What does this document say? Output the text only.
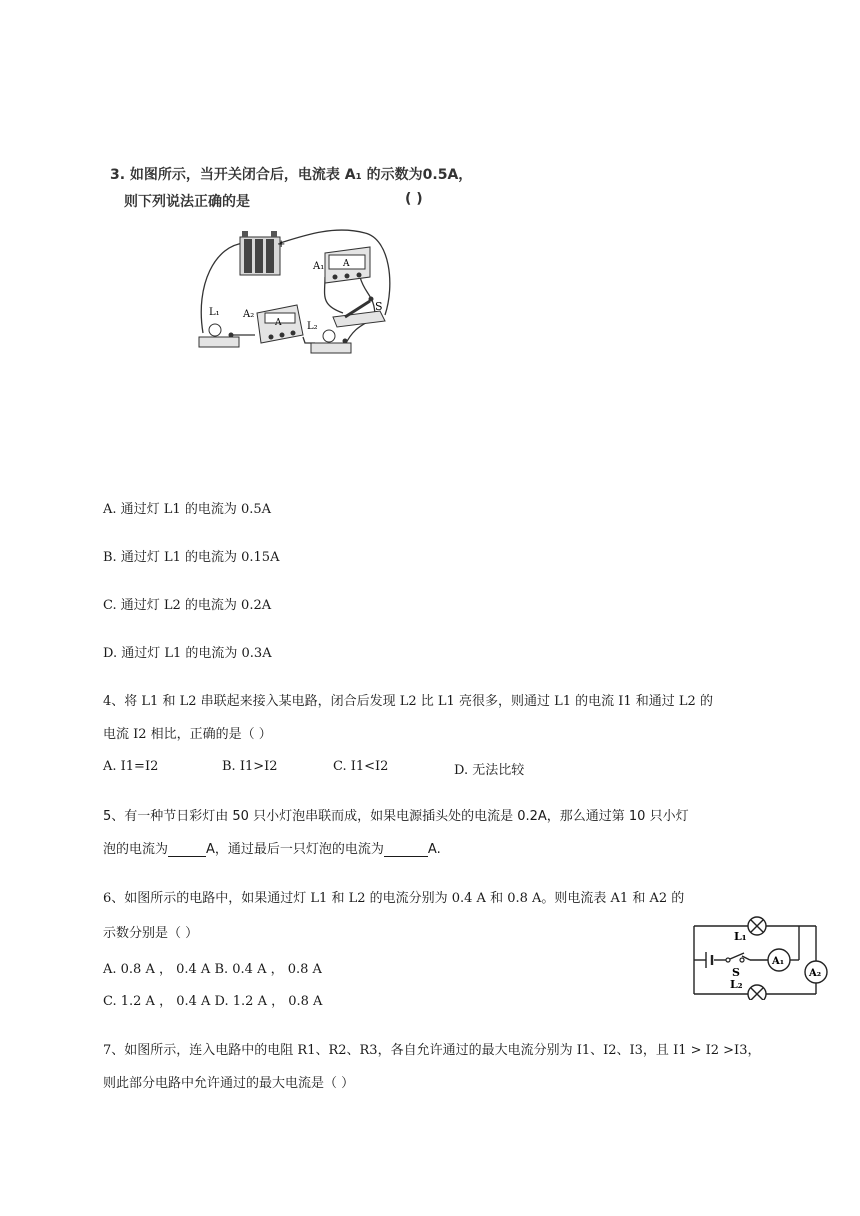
3. 如图所示，当开关闭合后，电流表 A₁ 的示数为0.5A，
则下列说法正确的是	( )
+
A₁ A
S
A₂
A
L₁
L₂
A. 通过灯 L1 的电流为 0.5A
B. 通过灯 L1 的电流为 0.15A
C. 通过灯 L2 的电流为 0.2A
D. 通过灯 L1 的电流为 0.3A
4、将 L1 和 L2 串联起来接入某电路，闭合后发现 L2 比 L1 亮很多，则通过 L1 的电流 I1 和通过 L2 的
电流 I2 相比，正确的是（ ）
A. I1=I2	B. I1>I2	C. I1<I2	D. 无法比较
5、有一种节日彩灯由 50 只小灯泡串联而成，如果电源插头处的电流是 0.2A，那么通过第 10 只小灯
泡的电流为	A，通过最后一只灯泡的电流为	A.
6、如图所示的电路中，如果通过灯 L1 和 L2 的电流分别为 0.4 A 和 0.8 A。则电流表 A1 和 A2 的
示数分别是（ ）
A. 0.8 A ， 0.4 A B. 0.4 A ， 0.8 A
C. 1.2 A ， 0.4 A D. 1.2 A ， 0.8 A
S
L₁
L₂
A₁
A₂
7、如图所示，连入电路中的电阻 R1、R2、R3，各自允许通过的最大电流分别为 I1、I2、I3，且 I1 > I2 >I3，
则此部分电路中允许通过的最大电流是（ ）
